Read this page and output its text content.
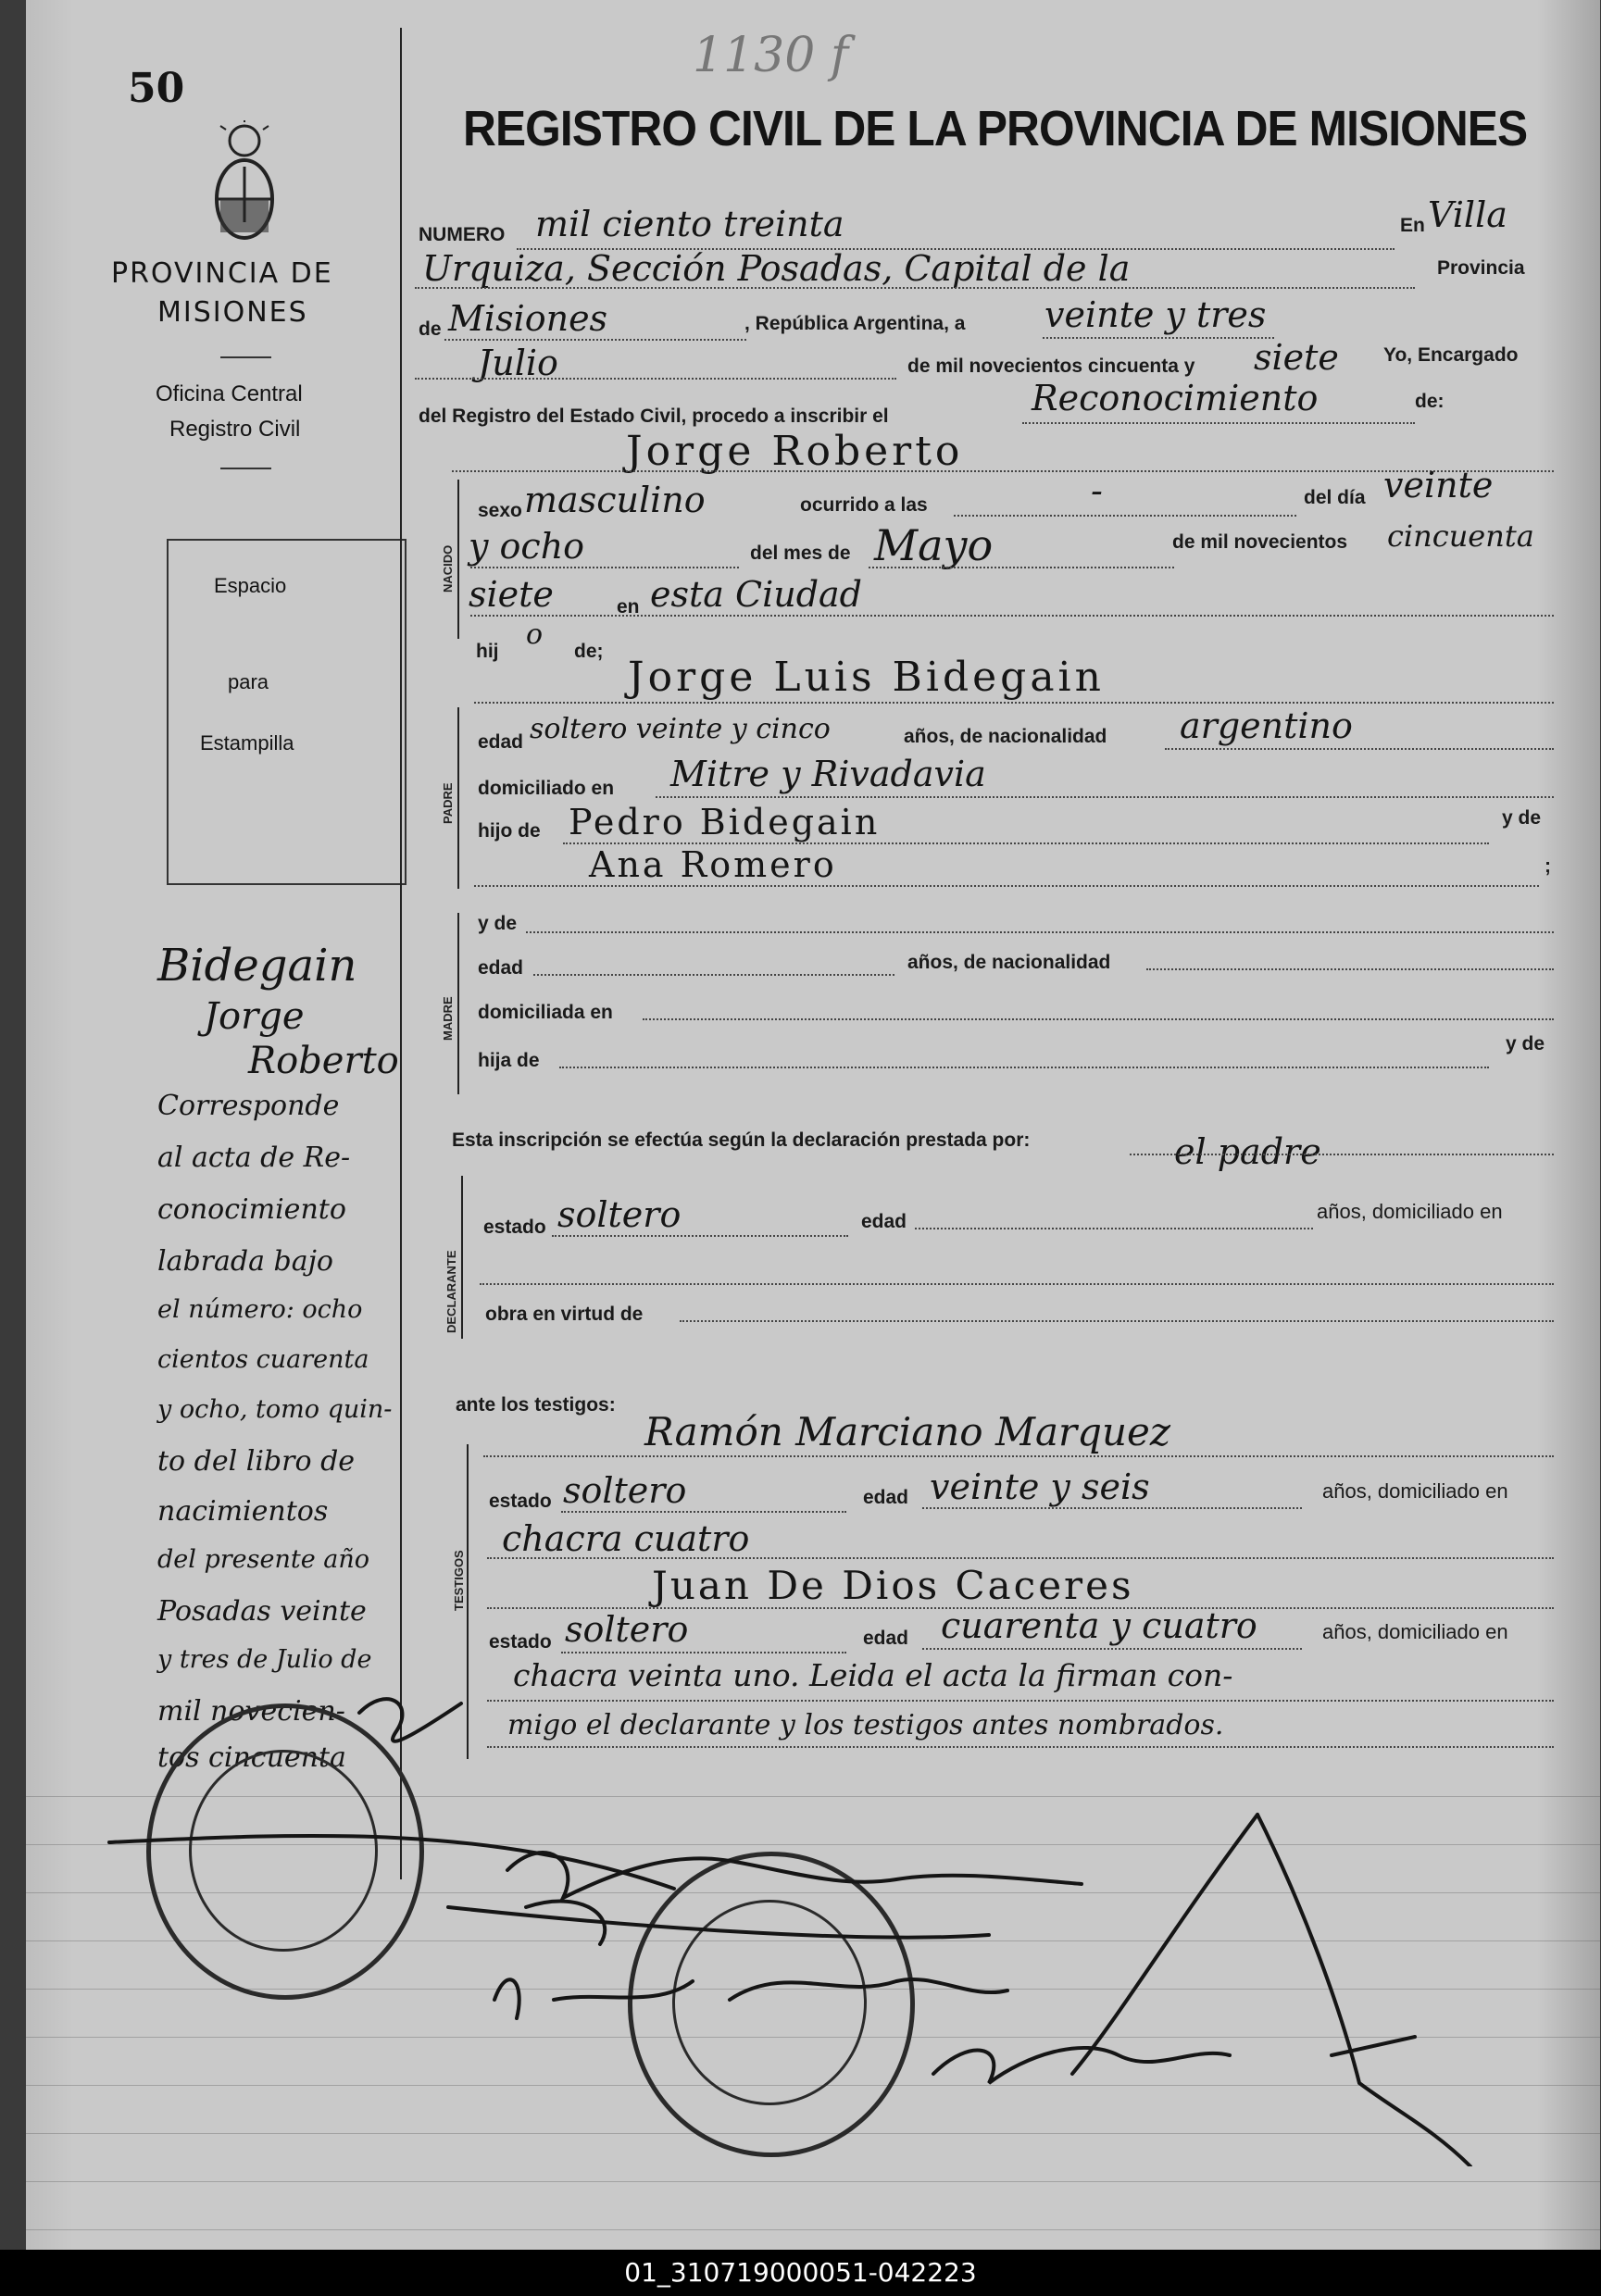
50
1130 f
REGISTRO CIVIL DE LA PROVINCIA DE MISIONES
PROVINCIA DE
MISIONES
Oficina Central
Registro Civil
Espacio
para
Estampilla
Bidegain
Jorge
Roberto
Corresponde
al acta de Re-
conocimiento
labrada bajo
el número: ocho
cientos cuarenta
y ocho, tomo quin-
to del libro de
nacimientos
del presente año
Posadas veinte
y tres de Julio de
mil novecien-
tos cincuenta
NUMERO mil ciento treinta	En Villa
Urquiza, Sección Posadas, Capital de la	Provincia
de Misiones	, República Argentina, a veinte y tres
Julio	de mil novecientos cincuenta y siete Yo, Encargado
del Registro del Estado Civil, procedo a inscribir el	Reconocimiento	de:
Jorge Roberto
NACIDO
sexo masculino	ocurrido a las	-	del día veinte
y ocho	del mes de Mayo	de mil novecientos cincuenta
siete	en esta Ciudad
hij
o
de;
Jorge Luis Bidegain
PADRE
edad soltero veinte y cinco	años, de nacionalidad argentino
domiciliado en Mitre y Rivadavia
hijo de Pedro Bidegain	y de
Ana Romero	;
MADRE
y de
edad	años, de nacionalidad
domiciliada en
hija de
y de
Esta inscripción se efectúa según la declaración prestada por:	el padre
DECLARANTE
estado soltero	edad	años, domiciliado en
obra en virtud de
ante los testigos:
Ramón Marciano Marquez
TESTIGOS
estado soltero	edad veinte y seis	años, domiciliado en
chacra cuatro
Juan De Dios Caceres
estado soltero	edad cuarenta y cuatro	años, domiciliado en
chacra veinta uno. Leida el acta la firman con-
migo el declarante y los testigos antes nombrados.
01_310719000051-042223
